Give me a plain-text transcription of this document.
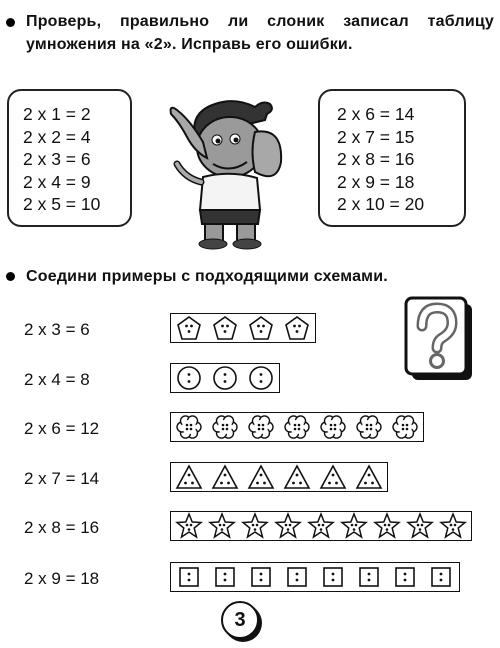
Проверь, правильно ли слоник записал таблицу умножения на «2». Исправь его ошибки.
2 x 1 = 2
2 x 2 = 4
2 x 3 = 6
2 x 4 = 9
2 x 5 = 10
2 x 6 = 14
2 x 7 = 15
2 x 8 = 16
2 x 9 = 18
2 x 10 = 20
Соедини примеры с подходящими схемами.
2 x 3 = 6
2 x 4 = 8
2 x 6 = 12
2 x 7 = 14
2 x 8 = 16
2 x 9 = 18
3
